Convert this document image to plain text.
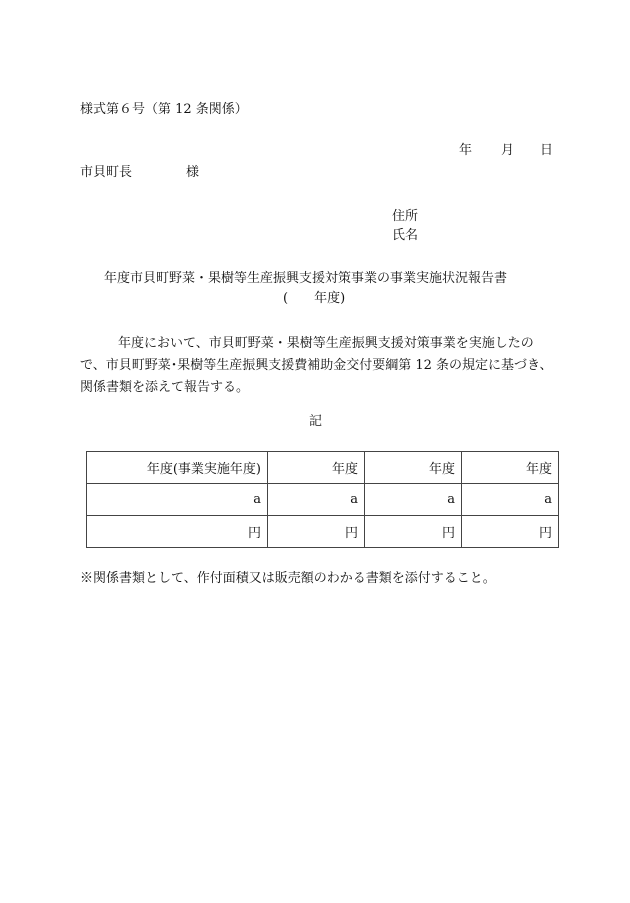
様式第６号（第 12 条関係）
年 月 日
市貝町長	様
住所
氏名
年度市貝町野菜・果樹等生産振興支援対策事業の事業実施状況報告書
(　　年度)
年度において、市貝町野菜・果樹等生産振興支援対策事業を実施したの
で、市貝町野菜･果樹等生産振興支援費補助金交付要綱第 12 条の規定に基づき、
関係書類を添えて報告する。
記
年度(事業実施年度)	年度	年度	年度
a	a	a	a
円	円	円	円
※関係書類として、作付面積又は販売額のわかる書類を添付すること。
